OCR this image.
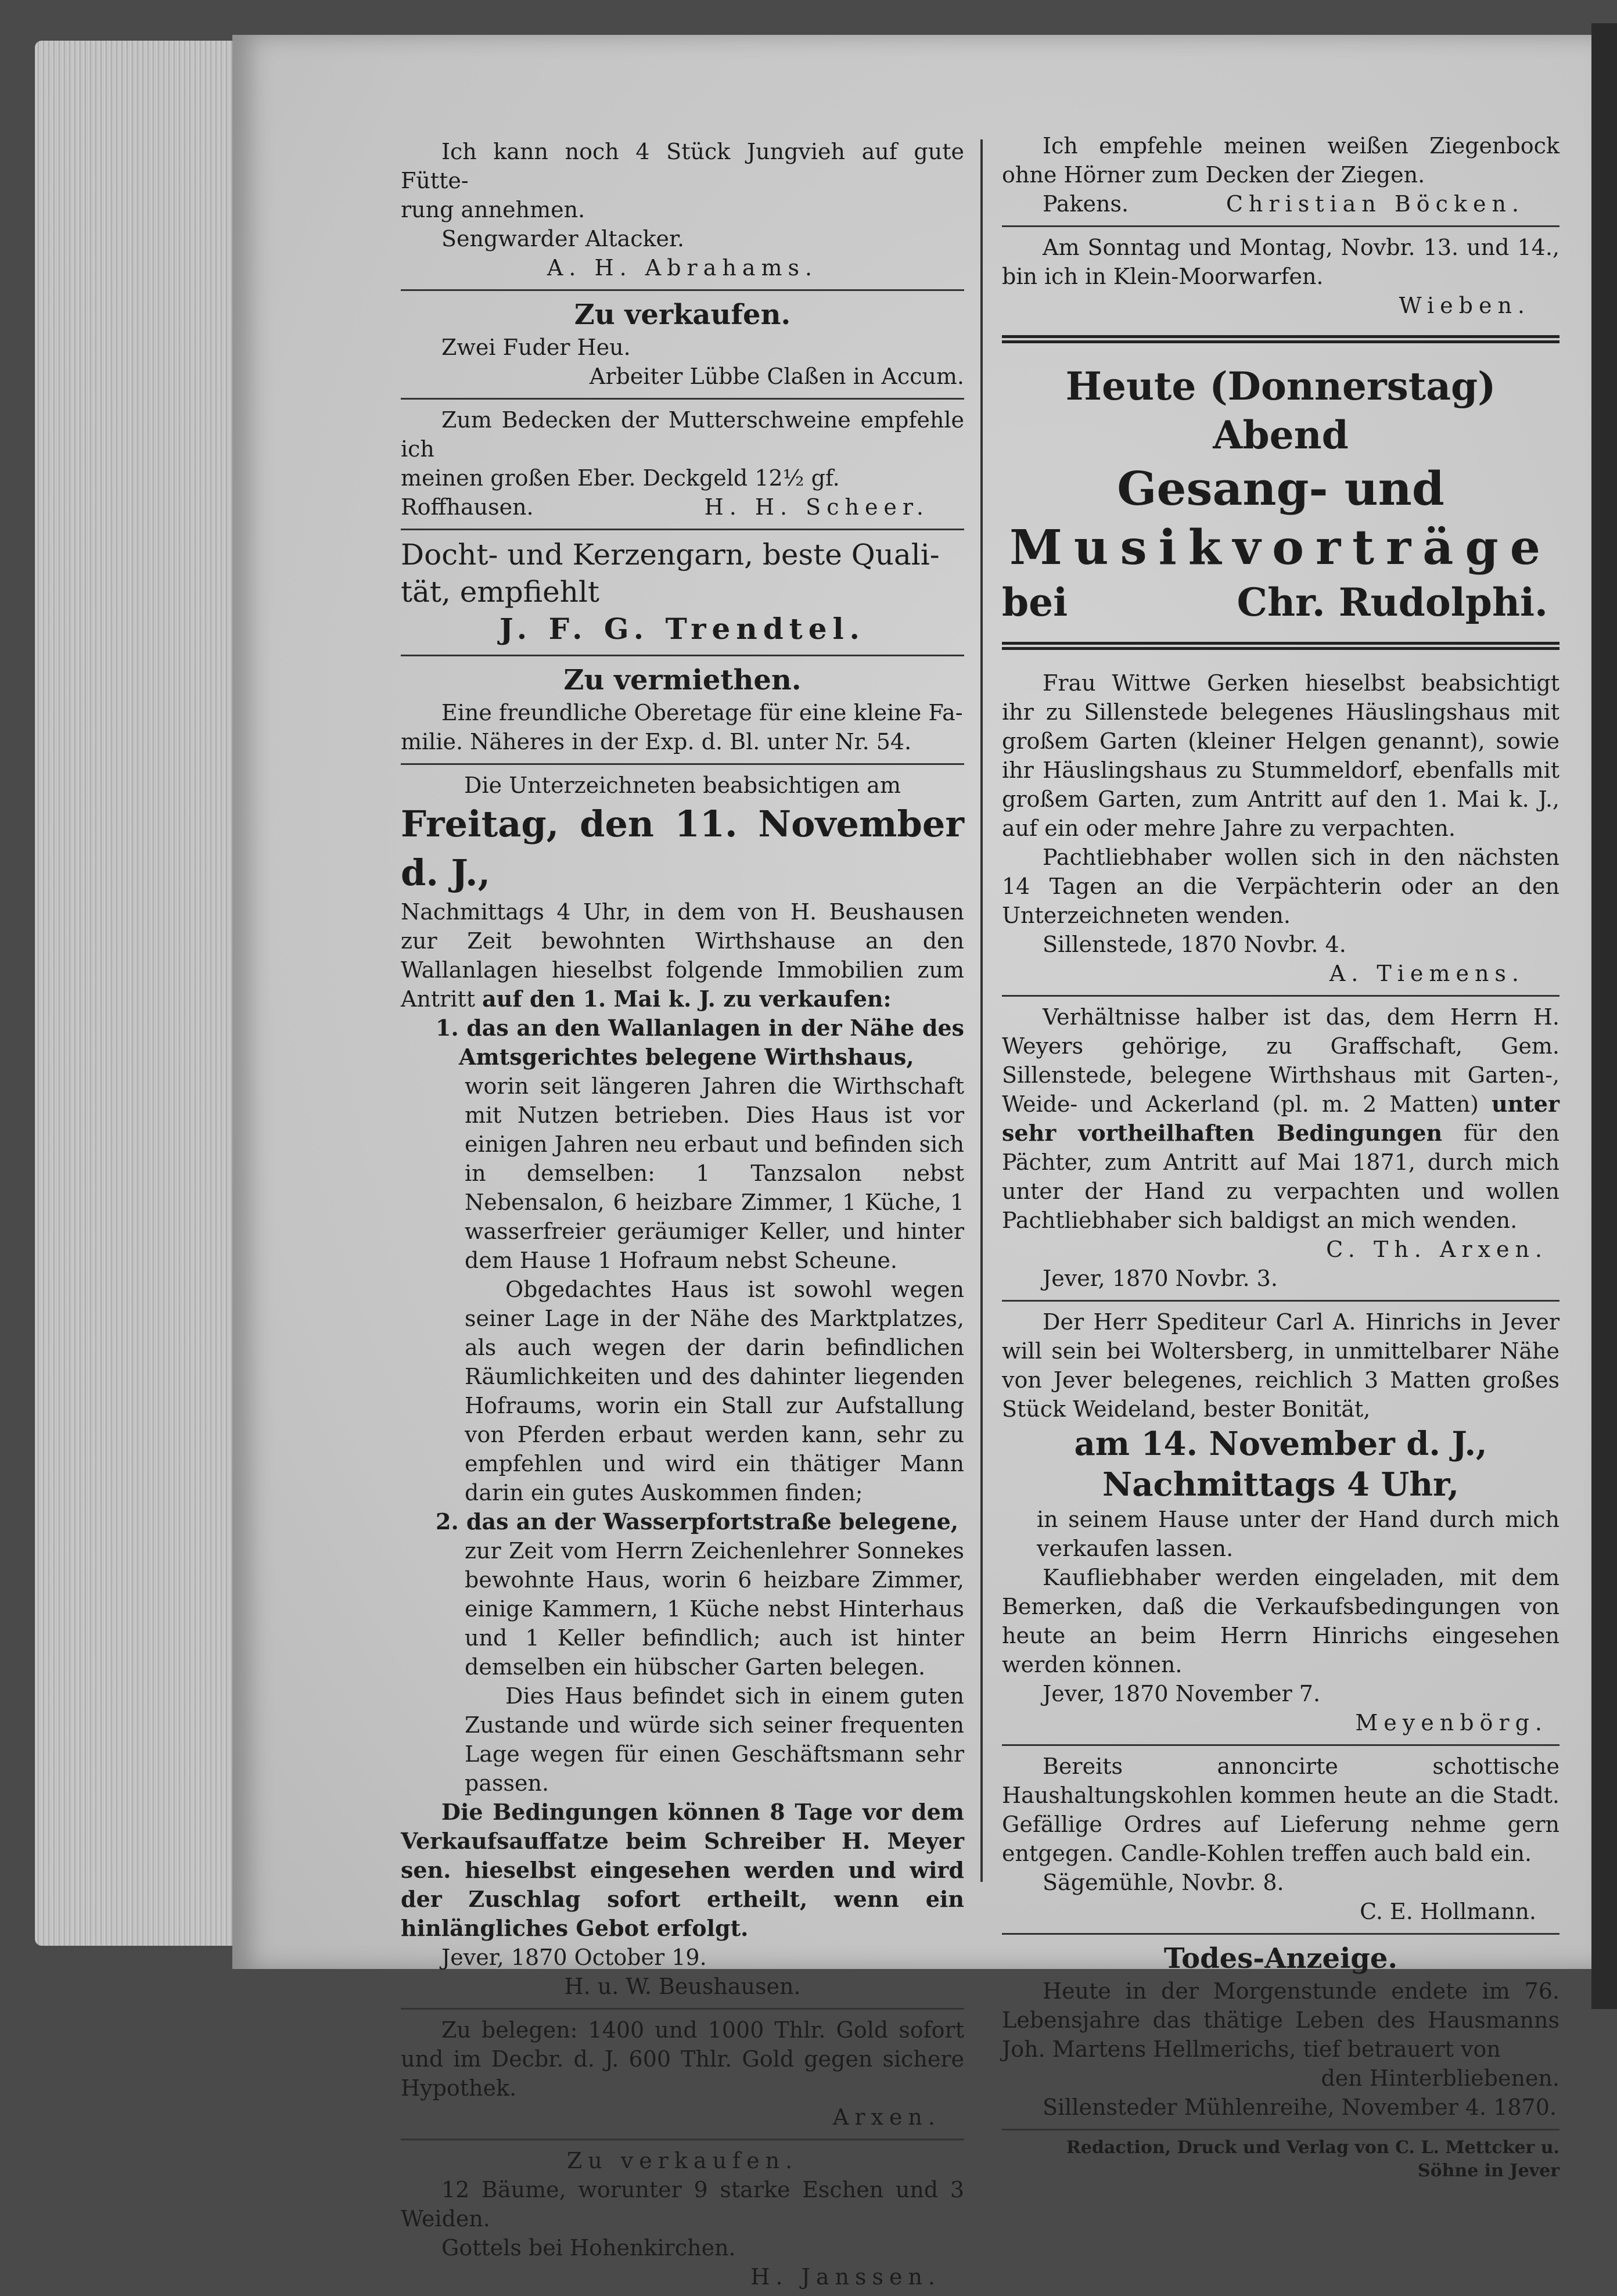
Ich kann noch 4 Stück Jungvieh auf gute Fütte-

rung annehmen.

Sengwarder Altacker.

A. H. Abrahams.

Zu verkaufen.

Zwei Fuder Heu.

Arbeiter Lübbe Claßen in Accum.

Zum Bedecken der Mutterschweine empfehle ich

meinen großen Eber. Deckgeld 12½ gf.

Roffhausen.	H. H. Scheer.

Docht- und Kerzengarn, beste Quali-

tät, empfiehlt

J. F. G. Trendtel.

Zu vermiethen.

Eine freundliche Oberetage für eine kleine Fa-

milie. Näheres in der Exp. d. Bl. unter Nr. 54.

Die Unterzeichneten beabsichtigen am

Freitag, den 11. November d. J.,

Nachmittags 4 Uhr, in dem von H. Beushausen zur Zeit bewohnten Wirthshause an den Wallanlagen hieselbst folgende Immobilien zum Antritt auf den 1. Mai k. J. zu verkaufen:

1. das an den Wallanlagen in der Nähe des Amtsgerichtes belegene Wirthshaus,

worin seit längeren Jahren die Wirthschaft mit Nutzen betrieben. Dies Haus ist vor einigen Jahren neu erbaut und befinden sich in demselben: 1 Tanzsalon nebst Nebensalon, 6 heizbare Zimmer, 1 Küche, 1 wasserfreier geräumiger Keller, und hinter dem Hause 1 Hofraum nebst Scheune.

Obgedachtes Haus ist sowohl wegen seiner Lage in der Nähe des Marktplatzes, als auch wegen der darin befindlichen Räumlichkeiten und des dahinter liegenden Hofraums, worin ein Stall zur Aufstallung von Pferden erbaut werden kann, sehr zu empfehlen und wird ein thätiger Mann darin ein gutes Auskommen finden;

2. das an der Wasserpfortstraße belegene,

zur Zeit vom Herrn Zeichenlehrer Sonnekes bewohnte Haus, worin 6 heizbare Zimmer, einige Kammern, 1 Küche nebst Hinterhaus und 1 Keller befindlich; auch ist hinter demselben ein hübscher Garten belegen.

Dies Haus befindet sich in einem guten Zustande und würde sich seiner frequenten Lage wegen für einen Geschäftsmann sehr passen.

Die Bedingungen können 8 Tage vor dem Verkaufsauffatze beim Schreiber H. Meyer sen. hieselbst eingesehen werden und wird der Zuschlag sofort ertheilt, wenn ein hinlängliches Gebot erfolgt.

Jever, 1870 October 19.

H. u. W. Beushausen.

Zu belegen: 1400 und 1000 Thlr. Gold sofort und im Decbr. d. J. 600 Thlr. Gold gegen sichere Hypothek.

Arxen.

Zu verkaufen.

12 Bäume, worunter 9 starke Eschen und 3 Weiden.

Gottels bei Hohenkirchen.

H. Janssen.

Ich empfehle meinen weißen Ziegenbock ohne Hörner zum Decken der Ziegen.

Pakens.	Christian Böcken.

Am Sonntag und Montag, Novbr. 13. und 14., bin ich in Klein-Moorwarfen.

Wieben.

Heute (Donnerstag) Abend

Gesang- und

Musikvorträge

bei	Chr. Rudolphi.

Frau Wittwe Gerken hieselbst beabsichtigt ihr zu Sillenstede belegenes Häuslingshaus mit großem Garten (kleiner Helgen genannt), sowie ihr Häuslingshaus zu Stummeldorf, ebenfalls mit großem Garten, zum Antritt auf den 1. Mai k. J., auf ein oder mehre Jahre zu verpachten.

Pachtliebhaber wollen sich in den nächsten 14 Tagen an die Verpächterin oder an den Unterzeichneten wenden.

Sillenstede, 1870 Novbr. 4.

A. Tiemens.

Verhältnisse halber ist das, dem Herrn H. Weyers gehörige, zu Graffschaft, Gem. Sillenstede, belegene Wirthshaus mit Garten-, Weide- und Ackerland (pl. m. 2 Matten) unter sehr vortheilhaften Bedingungen für den Pächter, zum Antritt auf Mai 1871, durch mich unter der Hand zu verpachten und wollen Pachtliebhaber sich baldigst an mich wenden.

C. Th. Arxen.

Jever, 1870 Novbr. 3.

Der Herr Spediteur Carl A. Hinrichs in Jever will sein bei Woltersberg, in unmittelbarer Nähe von Jever belegenes, reichlich 3 Matten großes Stück Weideland, bester Bonität,

am 14. November d. J.,

Nachmittags 4 Uhr,

in seinem Hause unter der Hand durch mich verkaufen lassen.

Kaufliebhaber werden eingeladen, mit dem Bemerken, daß die Verkaufsbedingungen von heute an beim Herrn Hinrichs eingesehen werden können.

Jever, 1870 November 7.

Meyenbörg.

Bereits annoncirte schottische Haushaltungskohlen kommen heute an die Stadt. Gefällige Ordres auf Lieferung nehme gern entgegen. Candle-Kohlen treffen auch bald ein.

Sägemühle, Novbr. 8.

C. E. Hollmann.

Todes-Anzeige.

Heute in der Morgenstunde endete im 76. Lebensjahre das thätige Leben des Hausmanns Joh. Martens Hellmerichs, tief betrauert von

den Hinterbliebenen.

Sillensteder Mühlenreihe, November 4. 1870.

Redaction, Druck und Verlag von C. L. Mettcker u. Söhne in Jever
